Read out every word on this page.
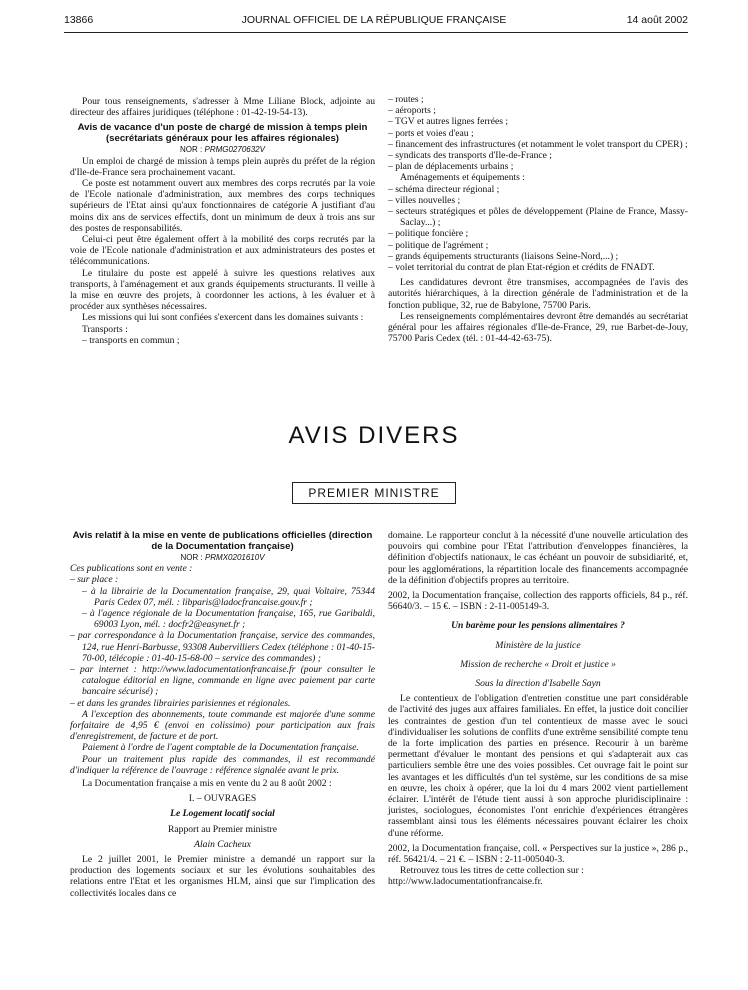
13866	JOURNAL OFFICIEL DE LA RÉPUBLIQUE FRANÇAISE	14 août 2002

Pour tous renseignements, s'adresser à Mme Liliane Block, adjointe au directeur des affaires juridiques (téléphone : 01-42-19-54-13).

Avis de vacance d'un poste de chargé de mission à temps plein (secrétariats généraux pour les affaires régionales)

NOR : PRMG0270632V

Un emploi de chargé de mission à temps plein auprès du préfet de la région d'Ile-de-France sera prochainement vacant.

Ce poste est notamment ouvert aux membres des corps recrutés par la voie de l'Ecole nationale d'administration, aux membres des corps techniques supérieurs de l'Etat ainsi qu'aux fonctionnaires de catégorie A justifiant d'au moins dix ans de services effectifs, dont un minimum de deux à trois ans sur des postes de responsabilités.

Celui-ci peut être également offert à la mobilité des corps recrutés par la voie de l'Ecole nationale d'administration et aux administrateurs des postes et télécommunications.

Le titulaire du poste est appelé à suivre les questions relatives aux transports, à l'aménagement et aux grands équipements structurants. Il veille à la mise en œuvre des projets, à coordonner les actions, à les évaluer et à procéder aux synthèses nécessaires.

Les missions qui lui sont confiées s'exercent dans les domaines suivants :

Transports :

– transports en commun ;

– routes ;

– aéroports ;

– TGV et autres lignes ferrées ;

– ports et voies d'eau ;

– financement des infrastructures (et notamment le volet transport du CPER) ;

– syndicats des transports d'Ile-de-France ;

– plan de déplacements urbains ;

Aménagements et équipements :

– schéma directeur régional ;

– villes nouvelles ;

– secteurs stratégiques et pôles de développement (Plaine de France, Massy-Saclay...) ;

– politique foncière ;

– politique de l'agrément ;

– grands équipements structurants (liaisons Seine-Nord,...) ;

– volet territorial du contrat de plan Etat-région et crédits de FNADT.

Les candidatures devront être transmises, accompagnées de l'avis des autorités hiérarchiques, à la direction générale de l'administration et de la fonction publique, 32, rue de Babylone, 75700 Paris.

Les renseignements complémentaires devront être demandés au secrétariat général pour les affaires régionales d'Ile-de-France, 29, rue Barbet-de-Jouy, 75700 Paris Cedex (tél. : 01-44-42-63-75).

AVIS DIVERS
PREMIER MINISTRE

Avis relatif à la mise en vente de publications officielles (direction de la Documentation française)

NOR : PRMX0201610V

Ces publications sont en vente :

– sur place :

– à la librairie de la Documentation française, 29, quai Voltaire, 75344 Paris Cedex 07, mél. : libparis@ladocfrancaise.gouv.fr ;

– à l'agence régionale de la Documentation française, 165, rue Garibaldi, 69003 Lyon, mél. : docfr2@easynet.fr ;

– par correspondance à la Documentation française, service des commandes, 124, rue Henri-Barbusse, 93308 Aubervilliers Cedex (téléphone : 01-40-15-70-00, télécopie : 01-40-15-68-00 – service des commandes) ;

– par internet : http://www.ladocumentationfrancaise.fr (pour consulter le catalogue éditorial en ligne, commande en ligne avec paiement par carte bancaire sécurisé) ;

– et dans les grandes librairies parisiennes et régionales.

A l'exception des abonnements, toute commande est majorée d'une somme forfaitaire de 4,95 € (envoi en colissimo) pour participation aux frais d'enregistrement, de facture et de port.

Paiement à l'ordre de l'agent comptable de la Documentation française.

Pour un traitement plus rapide des commandes, il est recommandé d'indiquer la référence de l'ouvrage : référence signalée avant le prix.

La Documentation française a mis en vente du 2 au 8 août 2002 :

I. – OUVRAGES

Le Logement locatif social

Rapport au Premier ministre

Alain Cacheux

Le 2 juillet 2001, le Premier ministre a demandé un rapport sur la production des logements sociaux et sur les évolutions souhaitables des relations entre l'Etat et les organismes HLM, ainsi que sur l'implication des collectivités locales dans ce

domaine. Le rapporteur conclut à la nécessité d'une nouvelle articulation des pouvoirs qui combine pour l'Etat l'attribution d'enveloppes financières, la définition d'objectifs nationaux, le cas échéant un pouvoir de subsidiarité, et, pour les agglomérations, la répartition locale des financements accompagnée de la définition d'objectifs propres au territoire.

2002, la Documentation française, collection des rapports officiels, 84 p., réf. 56640/3. – 15 €. – ISBN : 2-11-005149-3.

Un barème pour les pensions alimentaires ?

Ministère de la justice

Mission de recherche « Droit et justice »

Sous la direction d'Isabelle Sayn

Le contentieux de l'obligation d'entretien constitue une part considérable de l'activité des juges aux affaires familiales. En effet, la justice doit concilier les contraintes de gestion d'un tel contentieux de masse avec le souci d'individualiser les solutions de conflits d'une extrême sensibilité compte tenu de la forte implication des parties en présence. Recourir à un barème permettant d'évaluer le montant des pensions et qui s'adapterait aux cas particuliers semble être une des voies possibles. Cet ouvrage fait le point sur les avantages et les difficultés d'un tel système, sur les conditions de sa mise en œuvre, les choix à opérer, que la loi du 4 mars 2002 vient partiellement éclairer. L'intérêt de l'étude tient aussi à son approche pluridisciplinaire : juristes, sociologues, économistes l'ont enrichie d'expériences étrangères rassemblant ainsi tous les éléments nécessaires pouvant éclairer les choix d'une réforme.

2002, la Documentation française, coll. « Perspectives sur la justice », 286 p., réf. 56421/4. – 21 €. – ISBN : 2-11-005040-3.

Retrouvez tous les titres de cette collection sur :

http://www.ladocumentationfrancaise.fr.
